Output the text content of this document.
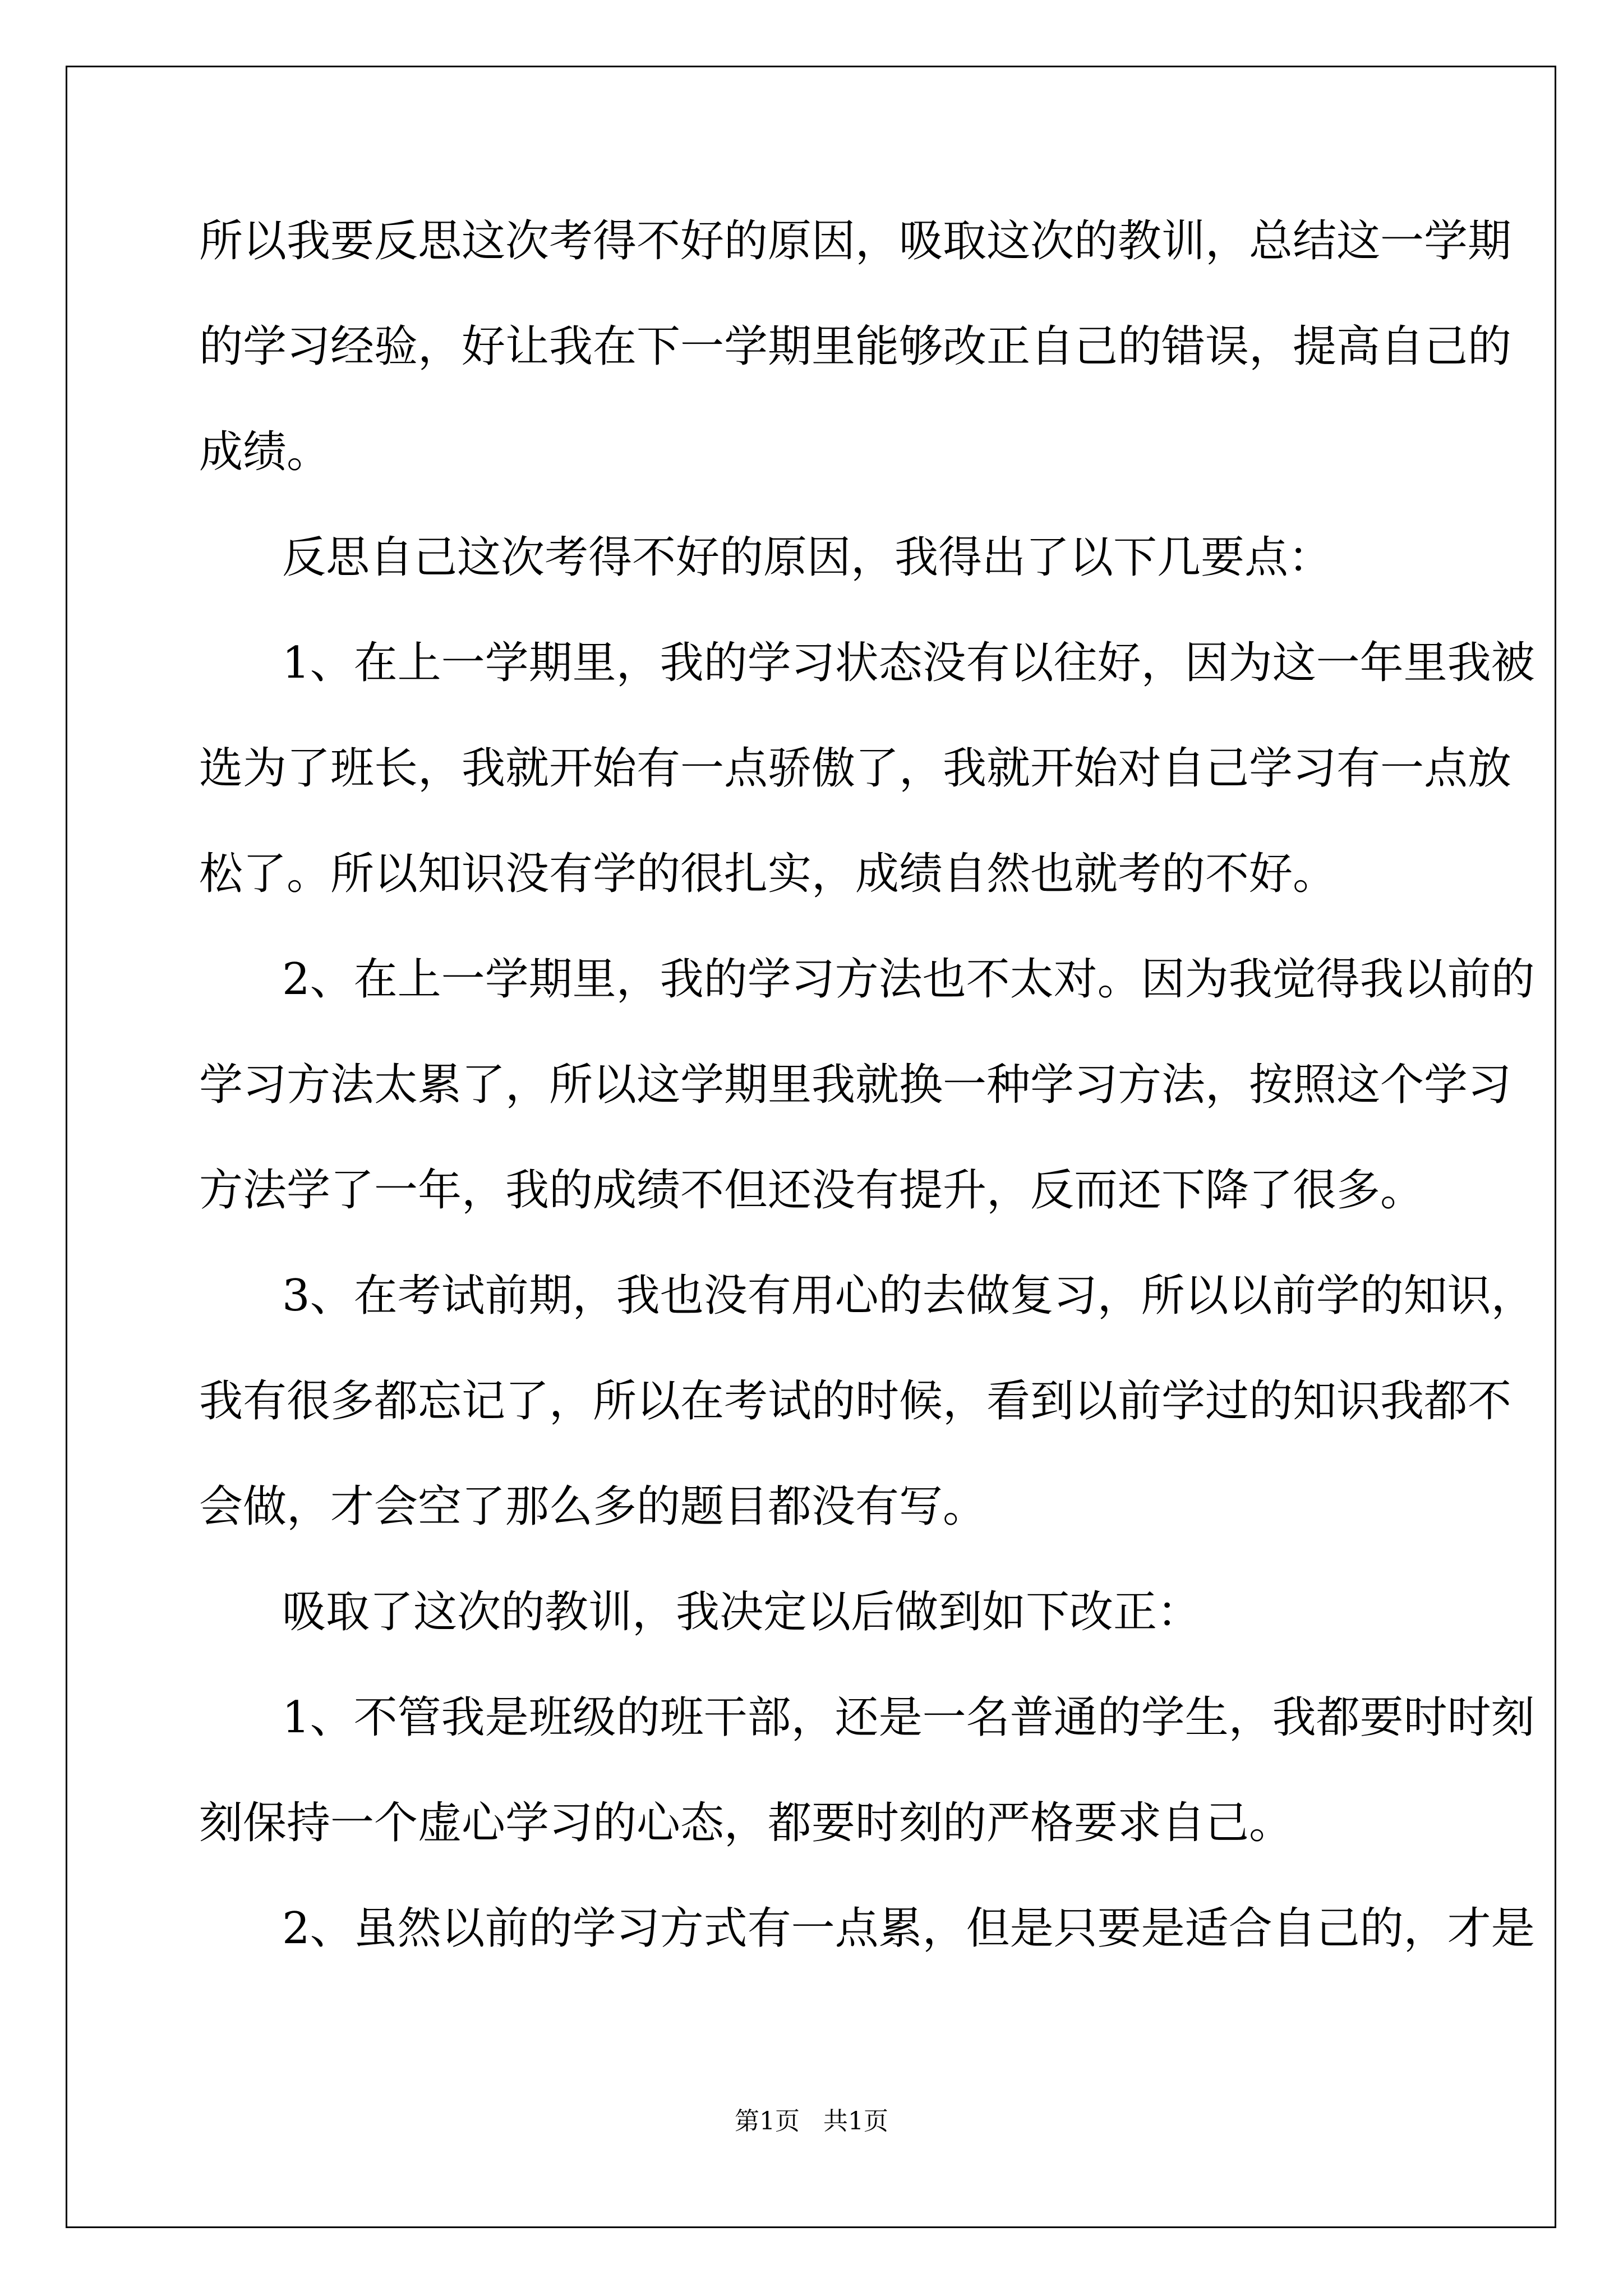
所以我要反思这次考得不好的原因，吸取这次的教训，总结这一学期
的学习经验，好让我在下一学期里能够改正自己的错误，提高自己的
成绩。
反思自己这次考得不好的原因，我得出了以下几要点：
1、在上一学期里，我的学习状态没有以往好，因为这一年里我被
选为了班长，我就开始有一点骄傲了，我就开始对自己学习有一点放
松了。所以知识没有学的很扎实，成绩自然也就考的不好。
2、在上一学期里，我的学习方法也不太对。因为我觉得我以前的
学习方法太累了，所以这学期里我就换一种学习方法，按照这个学习
方法学了一年，我的成绩不但还没有提升，反而还下降了很多。
3、在考试前期，我也没有用心的去做复习，所以以前学的知识，
我有很多都忘记了，所以在考试的时候，看到以前学过的知识我都不
会做，才会空了那么多的题目都没有写。
吸取了这次的教训，我决定以后做到如下改正：
1、不管我是班级的班干部，还是一名普通的学生，我都要时时刻
刻保持一个虚心学习的心态，都要时刻的严格要求自己。
2、虽然以前的学习方式有一点累，但是只要是适合自己的，才是
第1页   共1页
